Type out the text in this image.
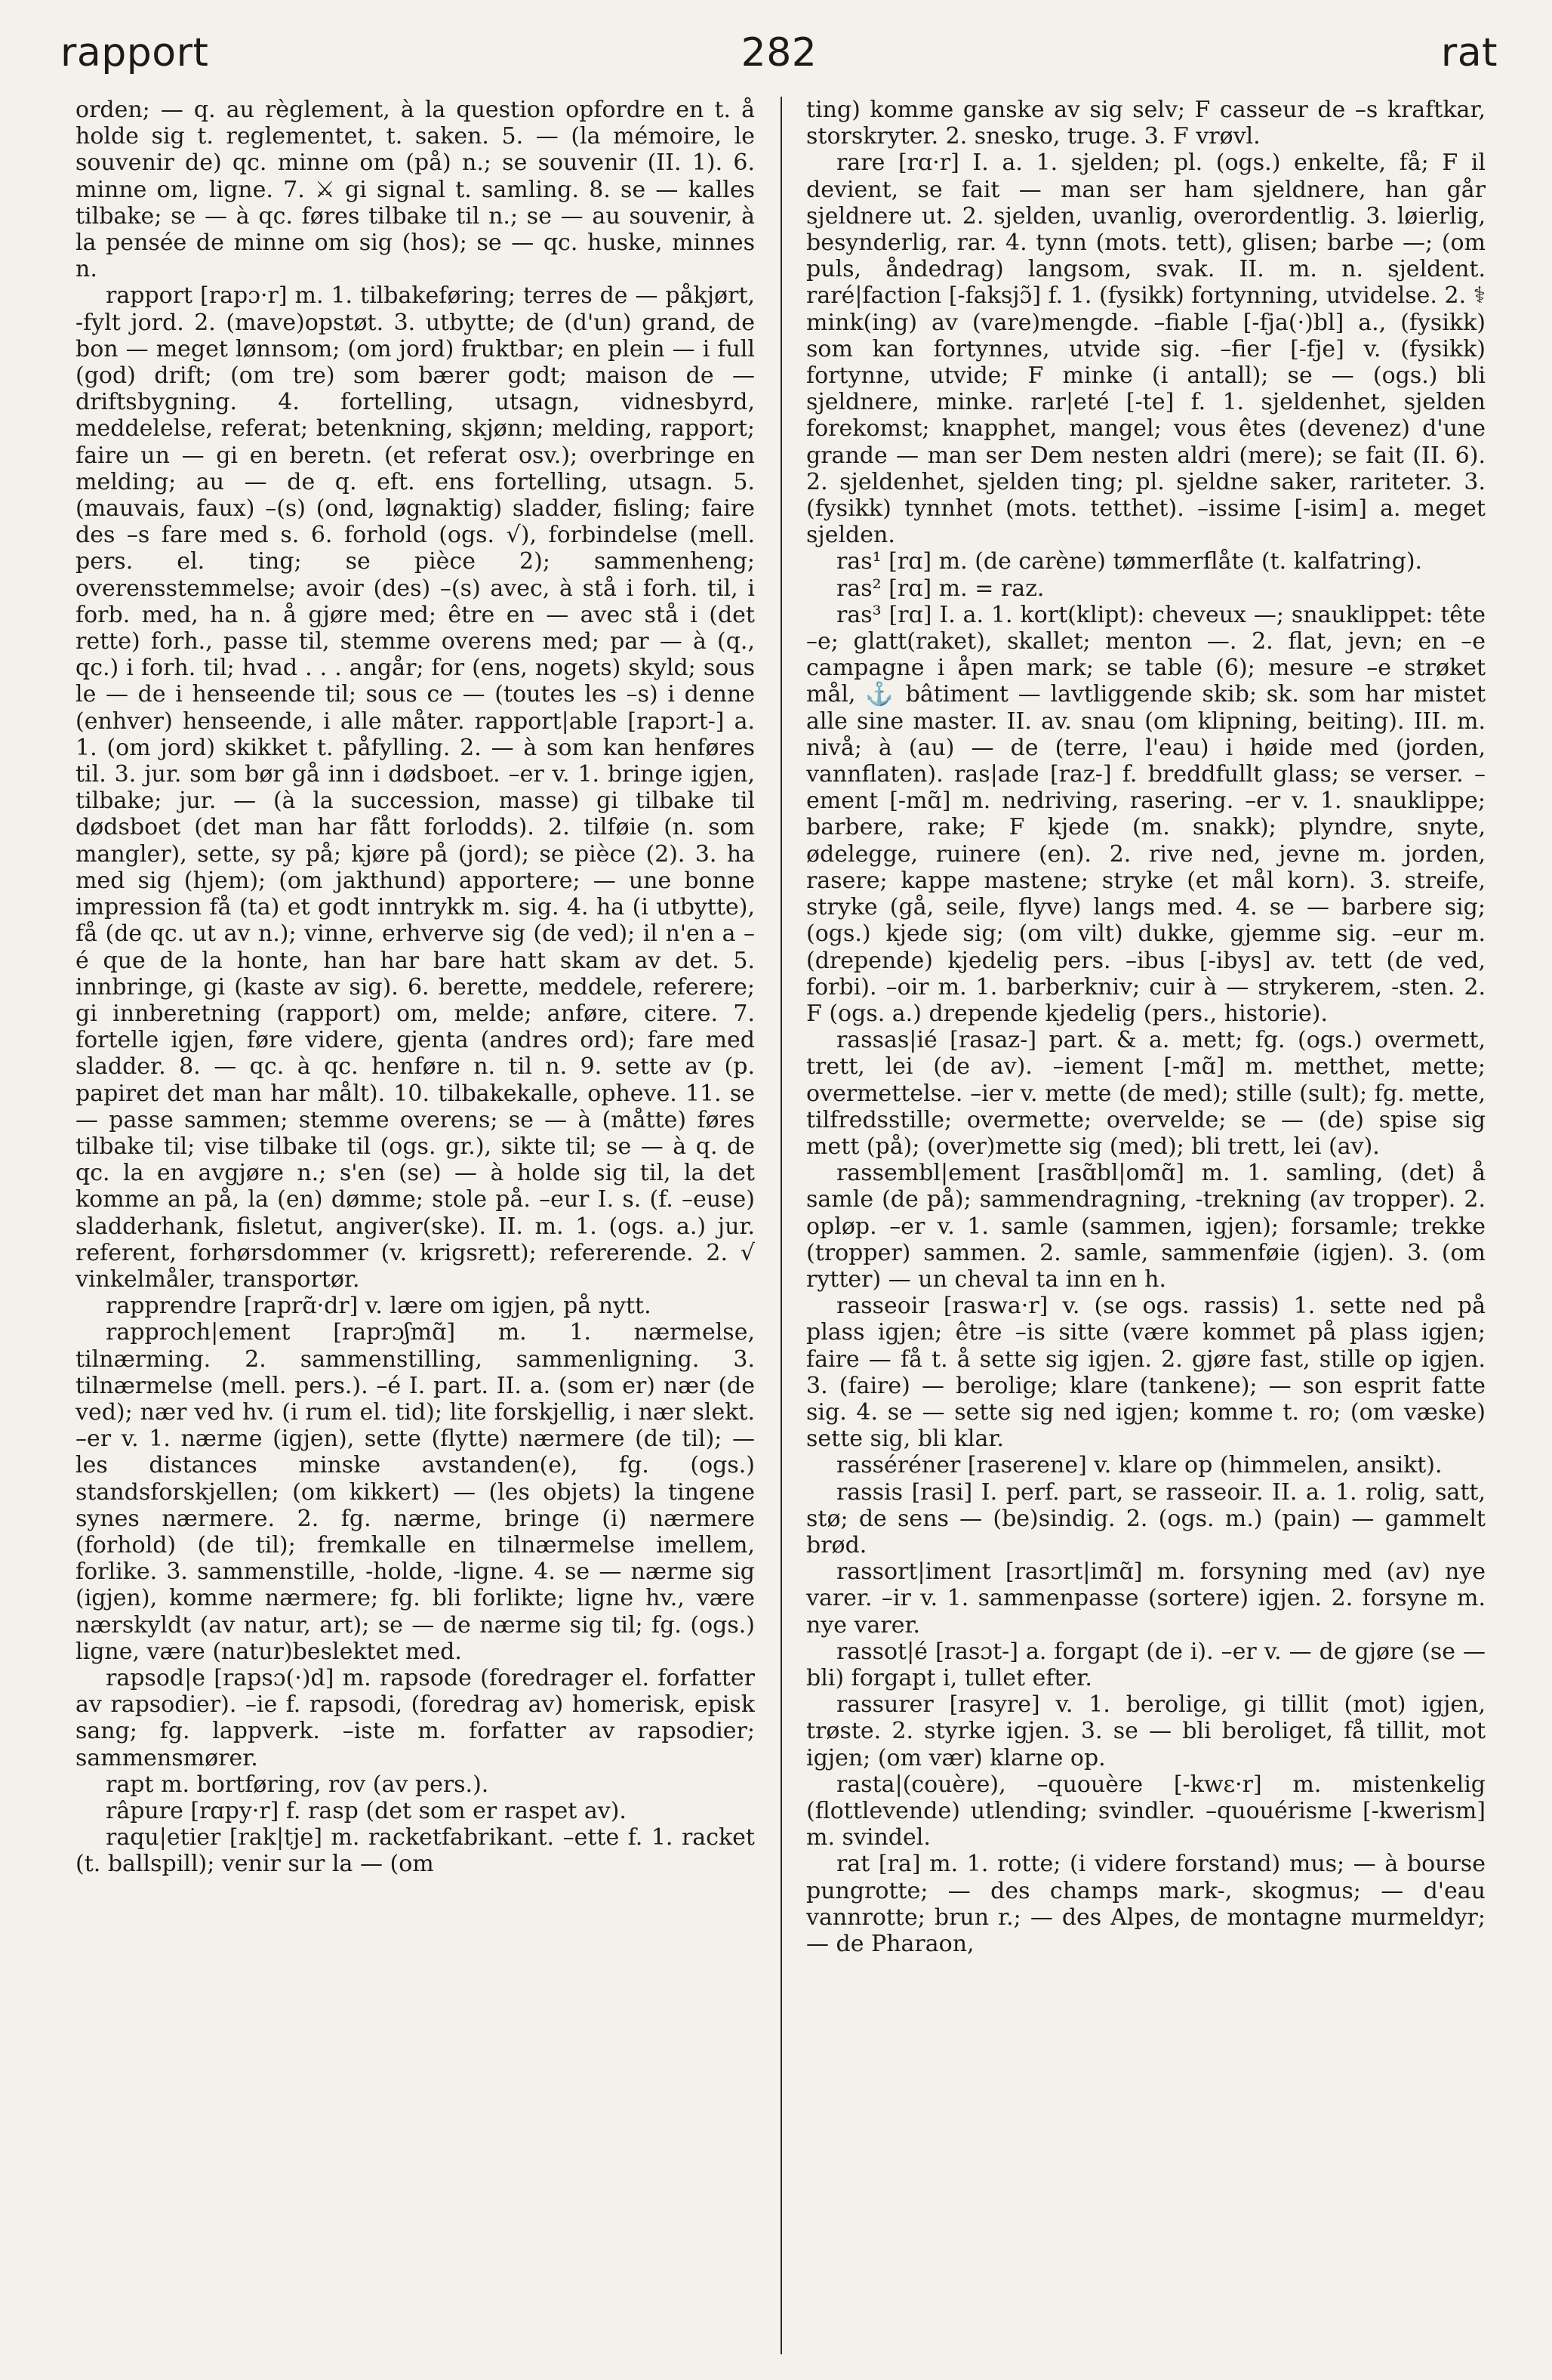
rapport	282	rat

orden; — q. au règlement, à la question opfordre en t. å holde sig t. reglementet, t. saken. 5. — (la mémoire, le souvenir de) qc. minne om (på) n.; se souvenir (II. 1). 6. minne om, ligne. 7. ⚔ gi signal t. samling. 8. se — kalles tilbake; se — à qc. føres tilbake til n.; se — au souvenir, à la pensée de minne om sig (hos); se — qc. huske, minnes n.

rapport [rapɔ·r] m. 1. tilbakeføring; terres de — påkjørt, -fylt jord. 2. (mave)opstøt. 3. utbytte; de (d'un) grand, de bon — meget lønnsom; (om jord) fruktbar; en plein — i full (god) drift; (om tre) som bærer godt; maison de — driftsbygning. 4. fortelling, utsagn, vidnesbyrd, meddelelse, referat; betenkning, skjønn; melding, rapport; faire un — gi en beretn. (et referat osv.); overbringe en melding; au — de q. eft. ens fortelling, utsagn. 5. (mauvais, faux) –(s) (ond, løgnaktig) sladder, fisling; faire des –s fare med s. 6. forhold (ogs. √), forbindelse (mell. pers. el. ting; se pièce 2); sammenheng; overensstemmelse; avoir (des) –(s) avec, à stå i forh. til, i forb. med, ha n. å gjøre med; être en — avec stå i (det rette) forh., passe til, stemme overens med; par — à (q., qc.) i forh. til; hvad . . . angår; for (ens, nogets) skyld; sous le — de i henseende til; sous ce — (toutes les –s) i denne (enhver) henseende, i alle måter. rapport|able [rapɔrt-] a. 1. (om jord) skikket t. påfylling. 2. — à som kan henføres til. 3. jur. som bør gå inn i dødsboet. –er v. 1. bringe igjen, tilbake; jur. — (à la succession, masse) gi tilbake til dødsboet (det man har fått forlodds). 2. tilføie (n. som mangler), sette, sy på; kjøre på (jord); se pièce (2). 3. ha med sig (hjem); (om jakthund) apportere; — une bonne impression få (ta) et godt inntrykk m. sig. 4. ha (i utbytte), få (de qc. ut av n.); vinne, erhverve sig (de ved); il n'en a –é que de la honte, han har bare hatt skam av det. 5. innbringe, gi (kaste av sig). 6. berette, meddele, referere; gi innberetning (rapport) om, melde; anføre, citere. 7. fortelle igjen, føre videre, gjenta (andres ord); fare med sladder. 8. — qc. à qc. henføre n. til n. 9. sette av (p. papiret det man har målt). 10. tilbakekalle, opheve. 11. se — passe sammen; stemme overens; se — à (måtte) føres tilbake til; vise tilbake til (ogs. gr.), sikte til; se — à q. de qc. la en avgjøre n.; s'en (se) — à holde sig til, la det komme an på, la (en) dømme; stole på. –eur I. s. (f. –euse) sladderhank, fisletut, angiver(ske). II. m. 1. (ogs. a.) jur. referent, forhørsdommer (v. krigsrett); refererende. 2. √ vinkelmåler, transportør.

rapprendre [raprɑ̃·dr] v. lære om igjen, på nytt.

rapproch|ement [raprɔʃmɑ̃] m. 1. nærmelse, tilnærming. 2. sammenstilling, sammenligning. 3. tilnærmelse (mell. pers.). –é I. part. II. a. (som er) nær (de ved); nær ved hv. (i rum el. tid); lite forskjellig, i nær slekt. –er v. 1. nærme (igjen), sette (flytte) nærmere (de til); — les distances minske avstanden(e), fg. (ogs.) standsforskjellen; (om kikkert) — (les objets) la tingene synes nærmere. 2. fg. nærme, bringe (i) nærmere (forhold) (de til); fremkalle en tilnærmelse imellem, forlike. 3. sammenstille, -holde, -ligne. 4. se — nærme sig (igjen), komme nærmere; fg. bli forlikte; ligne hv., være nærskyldt (av natur, art); se — de nærme sig til; fg. (ogs.) ligne, være (natur)beslektet med.

rapsod|e [rapsɔ(·)d] m. rapsode (foredrager el. forfatter av rapsodier). –ie f. rapsodi, (foredrag av) homerisk, episk sang; fg. lappverk. –iste m. forfatter av rapsodier; sammensmører.

rapt m. bortføring, rov (av pers.).

râpure [rɑpy·r] f. rasp (det som er raspet av).

raqu|etier [rak|tje] m. racketfabrikant. –ette f. 1. racket (t. ballspill); venir sur la — (om

ting) komme ganske av sig selv; F casseur de –s kraftkar, storskryter. 2. snesko, truge. 3. F vrøvl.

rare [rɑ·r] I. a. 1. sjelden; pl. (ogs.) enkelte, få; F il devient, se fait — man ser ham sjeldnere, han går sjeldnere ut. 2. sjelden, uvanlig, overordentlig. 3. løierlig, besynderlig, rar. 4. tynn (mots. tett), glisen; barbe —; (om puls, åndedrag) langsom, svak. II. m. n. sjeldent. raré|faction [-faksjɔ̃] f. 1. (fysikk) fortynning, utvidelse. 2. ⚕ mink(ing) av (vare)mengde. –fiable [-fja(·)bl] a., (fysikk) som kan fortynnes, utvide sig. –fier [-fje] v. (fysikk) fortynne, utvide; F minke (i antall); se — (ogs.) bli sjeldnere, minke. rar|eté [-te] f. 1. sjeldenhet, sjelden forekomst; knapphet, mangel; vous êtes (devenez) d'une grande — man ser Dem nesten aldri (mere); se fait (II. 6). 2. sjeldenhet, sjelden ting; pl. sjeldne saker, rariteter. 3. (fysikk) tynnhet (mots. tetthet). –issime [-isim] a. meget sjelden.

ras¹ [rɑ] m. (de carène) tømmerflåte (t. kalfatring).

ras² [rɑ] m. = raz.

ras³ [rɑ] I. a. 1. kort(klipt): cheveux —; snauklippet: tête –e; glatt(raket), skallet; menton —. 2. flat, jevn; en –e campagne i åpen mark; se table (6); mesure –e strøket mål, ⚓ bâtiment — lavtliggende skib; sk. som har mistet alle sine master. II. av. snau (om klipning, beiting). III. m. nivå; à (au) — de (terre, l'eau) i høide med (jorden, vannflaten). ras|ade [raz-] f. breddfullt glass; se verser. –ement [-mɑ̃] m. nedriving, rasering. –er v. 1. snauklippe; barbere, rake; F kjede (m. snakk); plyndre, snyte, ødelegge, ruinere (en). 2. rive ned, jevne m. jorden, rasere; kappe mastene; stryke (et mål korn). 3. streife, stryke (gå, seile, flyve) langs med. 4. se — barbere sig; (ogs.) kjede sig; (om vilt) dukke, gjemme sig. –eur m. (drepende) kjedelig pers. –ibus [-ibys] av. tett (de ved, forbi). –oir m. 1. barberkniv; cuir à — strykerem, -sten. 2. F (ogs. a.) drepende kjedelig (pers., historie).

rassas|ié [rasaz-] part. & a. mett; fg. (ogs.) overmett, trett, lei (de av). –iement [-mɑ̃] m. metthet, mette; overmettelse. –ier v. mette (de med); stille (sult); fg. mette, tilfredsstille; overmette; overvelde; se — (de) spise sig mett (på); (over)mette sig (med); bli trett, lei (av).

rassembl|ement [rasɑ̃bl|omɑ̃] m. 1. samling, (det) å samle (de på); sammendragning, -trekning (av tropper). 2. opløp. –er v. 1. samle (sammen, igjen); forsamle; trekke (tropper) sammen. 2. samle, sammenføie (igjen). 3. (om rytter) — un cheval ta inn en h.

rasseoir [raswa·r] v. (se ogs. rassis) 1. sette ned på plass igjen; être –is sitte (være kommet på plass igjen; faire — få t. å sette sig igjen. 2. gjøre fast, stille op igjen. 3. (faire) — berolige; klare (tankene); — son esprit fatte sig. 4. se — sette sig ned igjen; komme t. ro; (om væske) sette sig, bli klar.

rasséréner [raserene] v. klare op (himmelen, ansikt).

rassis [rasi] I. perf. part, se rasseoir. II. a. 1. rolig, satt, stø; de sens — (be)sindig. 2. (ogs. m.) (pain) — gammelt brød.

rassort|iment [rasɔrt|imɑ̃] m. forsyning med (av) nye varer. –ir v. 1. sammenpasse (sortere) igjen. 2. forsyne m. nye varer.

rassot|é [rasɔt-] a. forgapt (de i). –er v. — de gjøre (se — bli) forgapt i, tullet efter.

rassurer [rasyre] v. 1. berolige, gi tillit (mot) igjen, trøste. 2. styrke igjen. 3. se — bli beroliget, få tillit, mot igjen; (om vær) klarne op.

rasta|(couère), –quouère [-kwɛ·r] m. mistenkelig (flottlevende) utlending; svindler. –quouérisme [-kwerism] m. svindel.

rat [ra] m. 1. rotte; (i videre forstand) mus; — à bourse pungrotte; — des champs mark-, skogmus; — d'eau vannrotte; brun r.; — des Alpes, de montagne murmeldyr; — de Pharaon,
